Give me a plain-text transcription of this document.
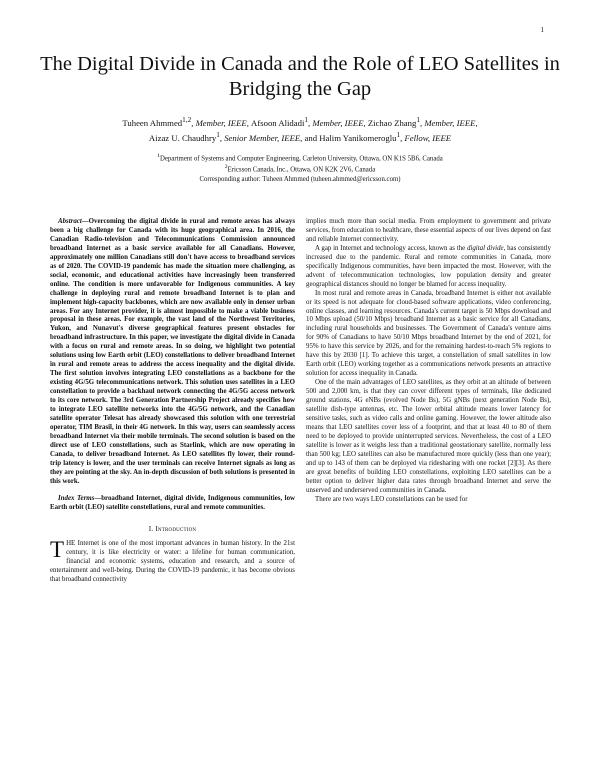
1
The Digital Divide in Canada and the Role of LEO Satellites in Bridging the Gap
Tuheen Ahmmed$^{1,2}$, Member, IEEE, Afsoon Alidadi$^1$, Member, IEEE, Zichao Zhang$^1$, Member, IEEE,
Aizaz U. Chaudhry$^1$, Senior Member, IEEE, and Halim Yanikomeroglu$^1$, Fellow, IEEE
$^1$Department of Systems and Computer Engineering, Carleton University, Ottawa, ON K1S 5B6, Canada
$^2$Ericsson Canada, Inc., Ottawa, ON K2K 2V6, Canada
Corresponding author: Tuheen Ahmmed (tuheen.ahmmed@ericsson.com)

Abstract—Overcoming the digital divide in rural and remote areas has always been a big challenge for Canada with its huge geographical area. In 2016, the Canadian Radio-television and Telecommunications Commission announced broadband Internet as a basic service available for all Canadians. However, approximately one million Canadians still don't have access to broadband services as of 2020. The COVID-19 pandemic has made the situation more challenging, as social, economic, and educational activities have increasingly been transferred online. The condition is more unfavorable for Indigenous communities. A key challenge in deploying rural and remote broadband Internet is to plan and implement high-capacity backbones, which are now available only in denser urban areas. For any Internet provider, it is almost impossible to make a viable business proposal in these areas. For example, the vast land of the Northwest Territories, Yukon, and Nunavut's diverse geographical features present obstacles for broadband infrastructure. In this paper, we investigate the digital divide in Canada with a focus on rural and remote areas. In so doing, we highlight two potential solutions using low Earth orbit (LEO) constellations to deliver broadband Internet in rural and remote areas to address the access inequality and the digital divide. The first solution involves integrating LEO constellations as a backbone for the existing 4G/5G telecommunications network. This solution uses satellites in a LEO constellation to provide a backhaul network connecting the 4G/5G access network to its core network. The 3rd Generation Partnership Project already specifies how to integrate LEO satellite networks into the 4G/5G network, and the Canadian satellite operator Telesat has already showcased this solution with one terrestrial operator, TIM Brasil, in their 4G network. In this way, users can seamlessly access broadband Internet via their mobile terminals. The second solution is based on the direct use of LEO constellations, such as Starlink, which are now operating in Canada, to deliver broadband Internet. As LEO satellites fly lower, their round-trip latency is lower, and the user terminals can receive Internet signals as long as they are pointing at the sky. An in-depth discussion of both solutions is presented in this work.

Index Terms—broadband Internet, digital divide, Indigenous communities, low Earth orbit (LEO) satellite constellations, rural and remote communities.

I. Introduction

THE Internet is one of the most important advances in human history. In the 21st century, it is like electricity or water: a lifeline for human communication, financial and economic systems, education and research, and a source of entertainment and well-being. During the COVID-19 pandemic, it has become obvious that broadband connectivity

implies much more than social media. From employment to government and private services, from education to healthcare, these essential aspects of our lives depend on fast and reliable Internet connectivity.

A gap in Internet and technology access, known as the digital divide, has consistently increased due to the pandemic. Rural and remote communities in Canada, more specifically Indigenous communities, have been impacted the most. However, with the advent of telecommunication technologies, low population density and greater geographical distances should no longer be blamed for access inequality.

In most rural and remote areas in Canada, broadband Internet is either not available or its speed is not adequate for cloud-based software applications, video conferencing, online classes, and learning resources. Canada's current target is 50 Mbps download and 10 Mbps upload (50/10 Mbps) broadband Internet as a basic service for all Canadians, including rural households and businesses. The Government of Canada's venture aims for 90% of Canadians to have 50/10 Mbps broadband Internet by the end of 2021, for 95% to have this service by 2026, and for the remaining hardest-to-reach 5% regions to have this by 2030 [1]. To achieve this target, a constellation of small satellites in low Earth orbit (LEO) working together as a communications network presents an attractive solution for access inequality in Canada.

One of the main advantages of LEO satellites, as they orbit at an altitude of between 500 and 2,000 km, is that they can cover different types of terminals, like dedicated ground stations, 4G eNBs (evolved Node Bs), 5G gNBs (next generation Node Bs), satellite dish-type antennas, etc. The lower orbital altitude means lower latency for sensitive tasks, such as video calls and online gaming. However, the lower altitude also means that LEO satellites cover less of a footprint, and that at least 40 to 80 of them need to be deployed to provide uninterrupted services. Nevertheless, the cost of a LEO satellite is lower as it weighs less than a traditional geostationary satellite, normally less than 500 kg; LEO satellites can also be manufactured more quickly (less than one year); and up to 143 of them can be deployed via ridesharing with one rocket [2][3]. As there are great benefits of building LEO constellations, exploiting LEO satellites can be a better option to deliver higher data rates through broadband Internet and serve the unserved and underserved communities in Canada.

There are two ways LEO constellations can be used for
